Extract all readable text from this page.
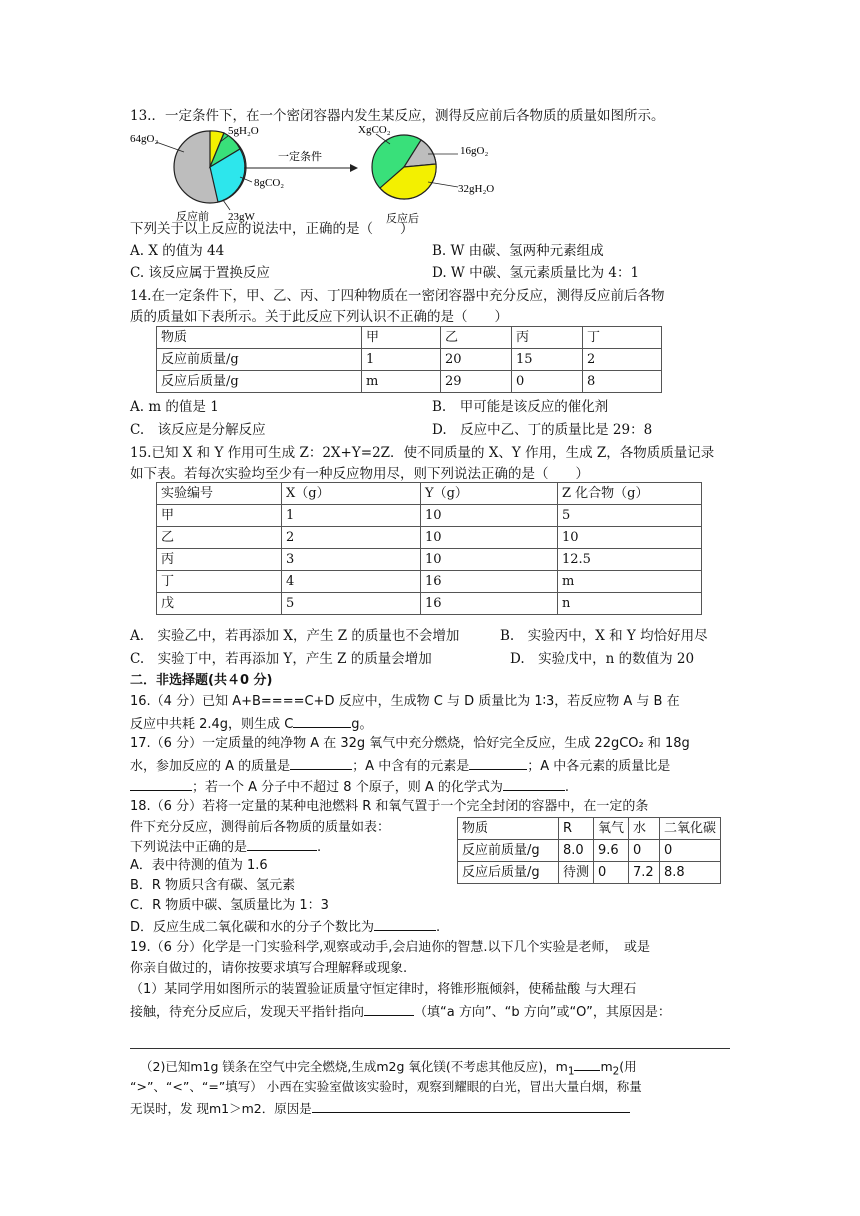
13.．一定条件下，在一个密闭容器内发生某反应，测得反应前后各物质的质量如图所示。
64gO₂
5gH₂O
8gCO₂
23gW
反应前
一定条件
XgCO₂
16gO₂
32gH₂O
反应后
下列关于以上反应的说法中，正确的是（　　）
A. X 的值为 44	B. W 由碳、氢两种元素组成
C. 该反应属于置换反应	D. W 中碳、氢元素质量比为 4：1
14.在一定条件下，甲、乙、丙、丁四种物质在一密闭容器中充分反应，测得反应前后各物
质的质量如下表所示。关于此反应下列认识不正确的是（　　）
物质	甲	乙	丙	丁
反应前质量/g	1	20	15	2
反应后质量/g	m	29	0	8
A. m 的值是 1	B.　甲可能是该反应的催化剂
C.　该反应是分解反应	D.　反应中乙、丁的质量比是 29：8
15.已知 X 和 Y 作用可生成 Z：2X+Y=2Z．使不同质量的 X、Y 作用，生成 Z，各物质质量记录
如下表。若每次实验均至少有一种反应物用尽，则下列说法正确的是（　　）
实验编号	X（g）	Y（g）	Z 化合物（g）
甲	1	10	5
乙	2	10	10
丙	3	10	12.5
丁	4	16	m
戊	5	16	n
A.　实验乙中，若再添加 X，产生 Z 的质量也不会增加	B.　实验丙中，X 和 Y 均恰好用尽
C.　实验丁中，若再添加 Y，产生 Z 的质量会增加	D.　实验戊中，n 的数值为 20
二．非选择题(共４0 分)
16.（4 分）已知 A+B====C+D 反应中，生成物 C 与 D 质量比为 1∶3，若反应物 A 与 B 在
反应中共耗 2.4g，则生成 C	g。
17.（6 分）一定质量的纯净物 A 在 32g 氧气中充分燃烧，恰好完全反应，生成 22gCO₂ 和 18g
水，参加反应的 A 的质量是	；A 中含有的元素是	；A 中各元素的质量比是
；若一个 A 分子中不超过 8 个原子，则 A 的化学式为	.
18.（6 分）若将一定量的某种电池燃料 R 和氧气置于一个完全封闭的容器中，在一定的条
件下充分反应，测得前后各物质的质量如表：
下列说法中正确的是	.
物质	R	氧气	水	二氧化碳
反应前质量/g	8.0	9.6	0	0
反应后质量/g	待测	0	7.2	8.8
A．表中待测的值为 1.6
B．R 物质只含有碳、氢元素
C．R 物质中碳、氢质量比为 1：3
D．反应生成二氧化碳和水的分子个数比为	.
19.（6 分）化学是一门实验科学,观察或动手,会启迪你的智慧.以下几个实验是老师，　或是
你亲自做过的，请你按要求填写合理解释或现象.
（1）某同学用如图所示的装置验证质量守恒定律时，将锥形瓶倾斜，使稀盐酸 与大理石
接触，待充分反应后，发现天平指针指向	（填“a 方向”、“b 方向”或“O”，其原因是：
（2)已知m1g 镁条在空气中完全燃烧,生成m2g 氧化镁(不考虑其他反应)，$m_1$ $m_2$(用
“>”、“<”、“=”填写） 小西在实验室做该实验时，观察到耀眼的白光，冒出大量白烟，称量
无误时，发 现m1＞m2．原因是
